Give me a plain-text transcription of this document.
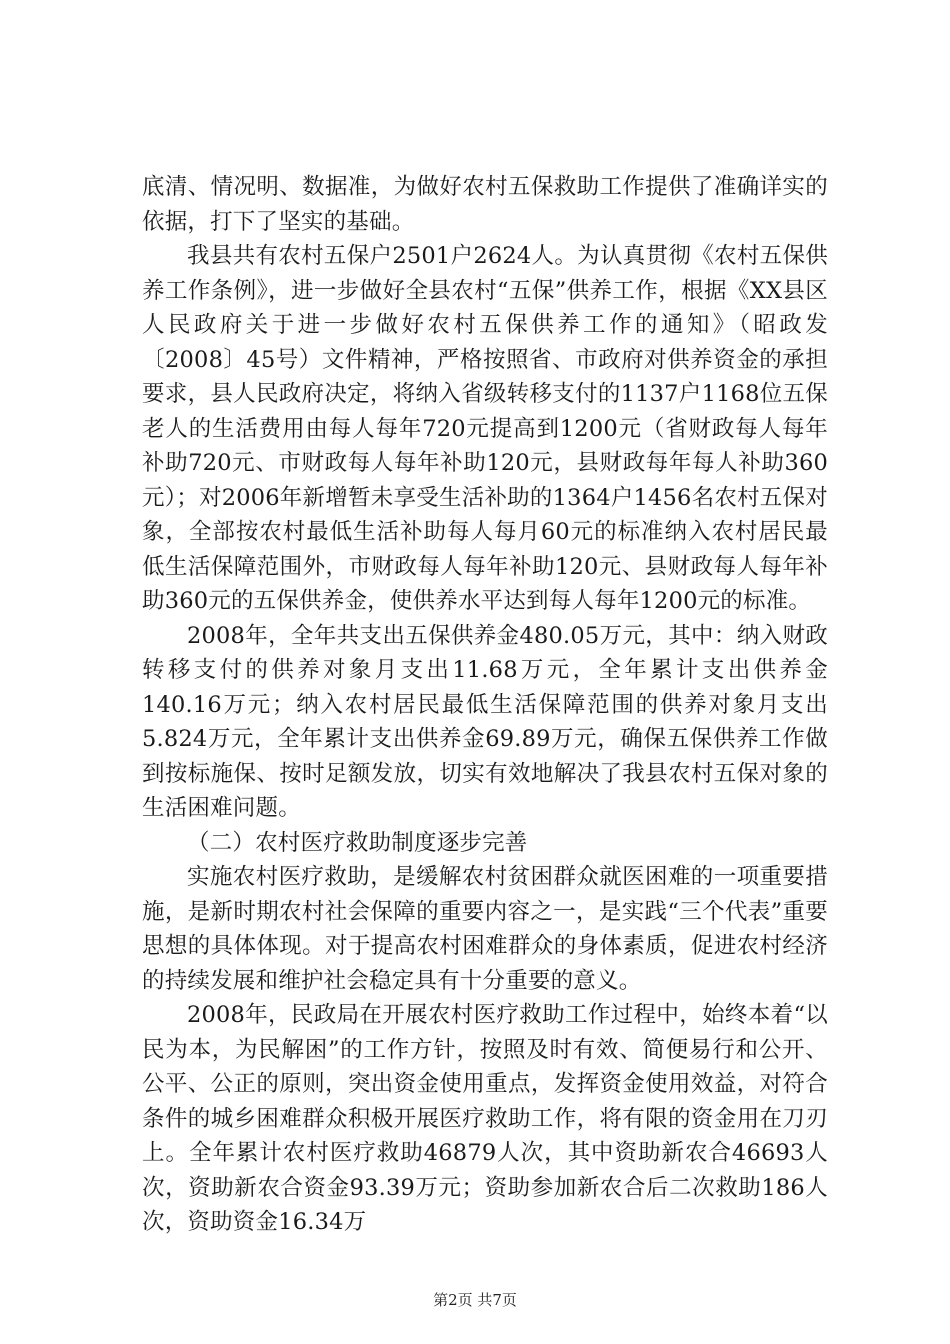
底清、情况明、数据准，为做好农村五保救助工作提供了准确详实的依据，打下了坚实的基础。

我县共有农村五保户2501户2624人。为认真贯彻《农村五保供养工作条例》，进一步做好全县农村“五保”供养工作，根据《XX县区人民政府关于进一步做好农村五保供养工作的通知》（昭政发〔2008〕45号）文件精神，严格按照省、市政府对供养资金的承担要求，县人民政府决定，将纳入省级转移支付的1137户1168位五保老人的生活费用由每人每年720元提高到1200元（省财政每人每年补助720元、市财政每人每年补助120元，县财政每年每人补助360元）；对2006年新增暂未享受生活补助的1364户1456名农村五保对象，全部按农村最低生活补助每人每月60元的标准纳入农村居民最低生活保障范围外，市财政每人每年补助120元、县财政每人每年补助360元的五保供养金，使供养水平达到每人每年1200元的标准。

2008年，全年共支出五保供养金480.05万元，其中：纳入财政转移支付的供养对象月支出11.68万元，全年累计支出供养金140.16万元；纳入农村居民最低生活保障范围的供养对象月支出5.824万元，全年累计支出供养金69.89万元，确保五保供养工作做到按标施保、按时足额发放，切实有效地解决了我县农村五保对象的生活困难问题。

（二）农村医疗救助制度逐步完善

实施农村医疗救助，是缓解农村贫困群众就医困难的一项重要措施，是新时期农村社会保障的重要内容之一，是实践“三个代表”重要思想的具体体现。对于提高农村困难群众的身体素质，促进农村经济的持续发展和维护社会稳定具有十分重要的意义。

2008年，民政局在开展农村医疗救助工作过程中，始终本着“以民为本，为民解困”的工作方针，按照及时有效、简便易行和公开、公平、公正的原则，突出资金使用重点，发挥资金使用效益，对符合条件的城乡困难群众积极开展医疗救助工作，将有限的资金用在刀刃上。全年累计农村医疗救助46879人次，其中资助新农合46693人次，资助新农合资金93.39万元；资助参加新农合后二次救助186人次，资助资金16.34万

第2页 共7页
